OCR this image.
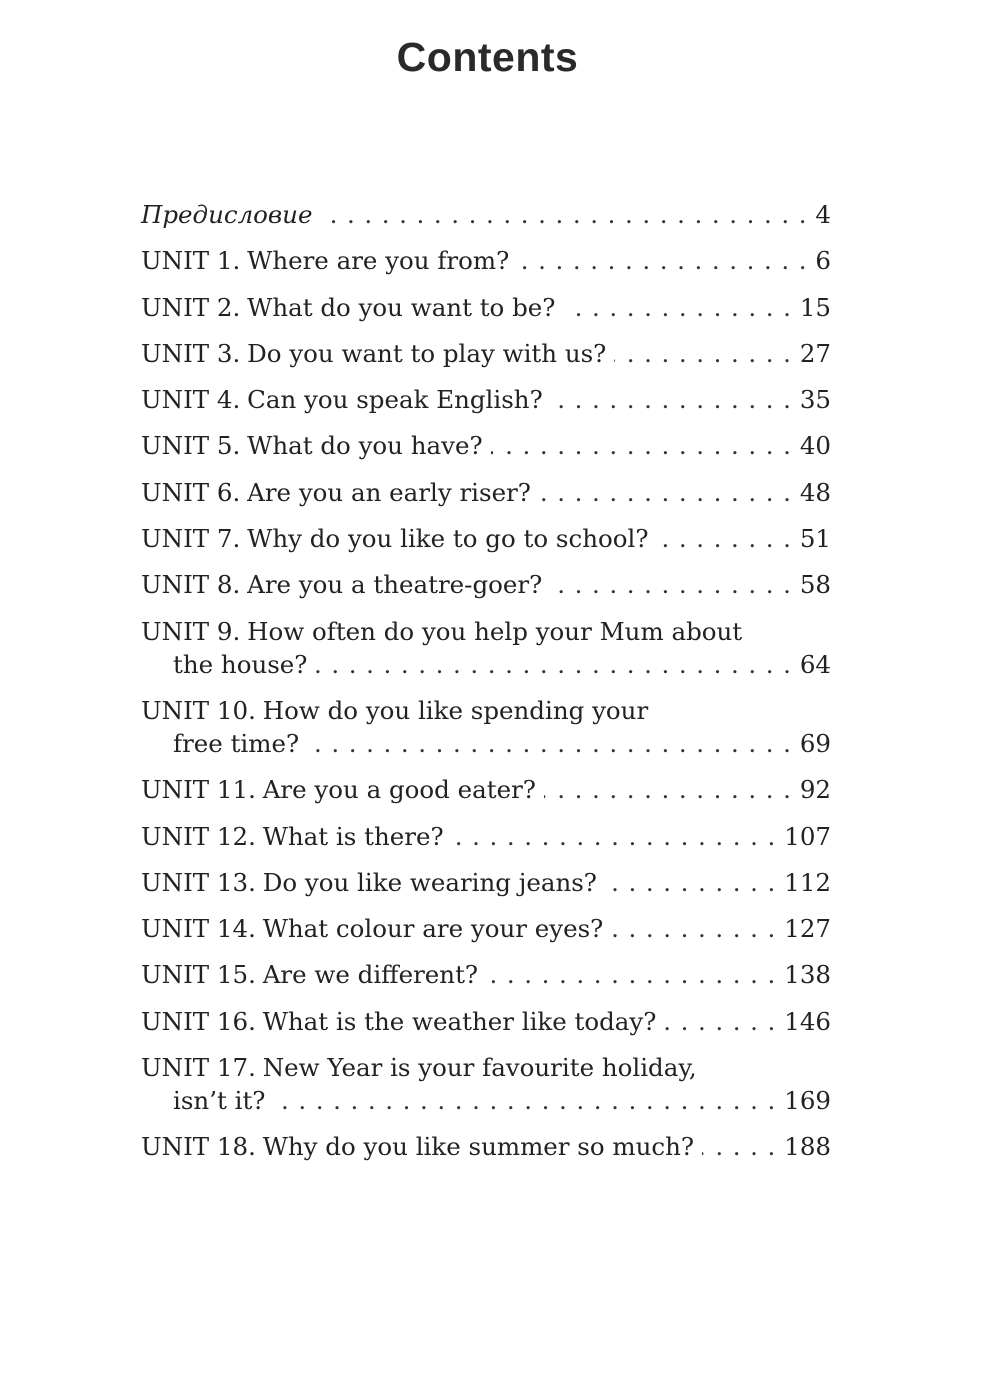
Contents
Предисловие . . .	4
UNIT 1. Where are you from? . . .	6
UNIT 2. What do you want to be? . . .	15
UNIT 3. Do you want to play with us? . . .	27
UNIT 4. Can you speak English? . . .	35
UNIT 5. What do you have? . . .	40
UNIT 6. Are you an early riser? . . .	48
UNIT 7. Why do you like to go to school? . . .	51
UNIT 8. Are you a theatre-goer? . . .	58
UNIT 9. How often do you help your Mum about
the house? . . .	64
UNIT 10. How do you like spending your
free time? . . .	69
UNIT 11. Are you a good eater? . . .	92
UNIT 12. What is there? . . .	107
UNIT 13. Do you like wearing jeans? . . .	112
UNIT 14. What colour are your eyes? . . .	127
UNIT 15. Are we different? . . .	138
UNIT 16. What is the weather like today? . . .	146
UNIT 17. New Year is your favourite holiday,
isn’t it? . . .	169
UNIT 18. Why do you like summer so much? . . .	188
